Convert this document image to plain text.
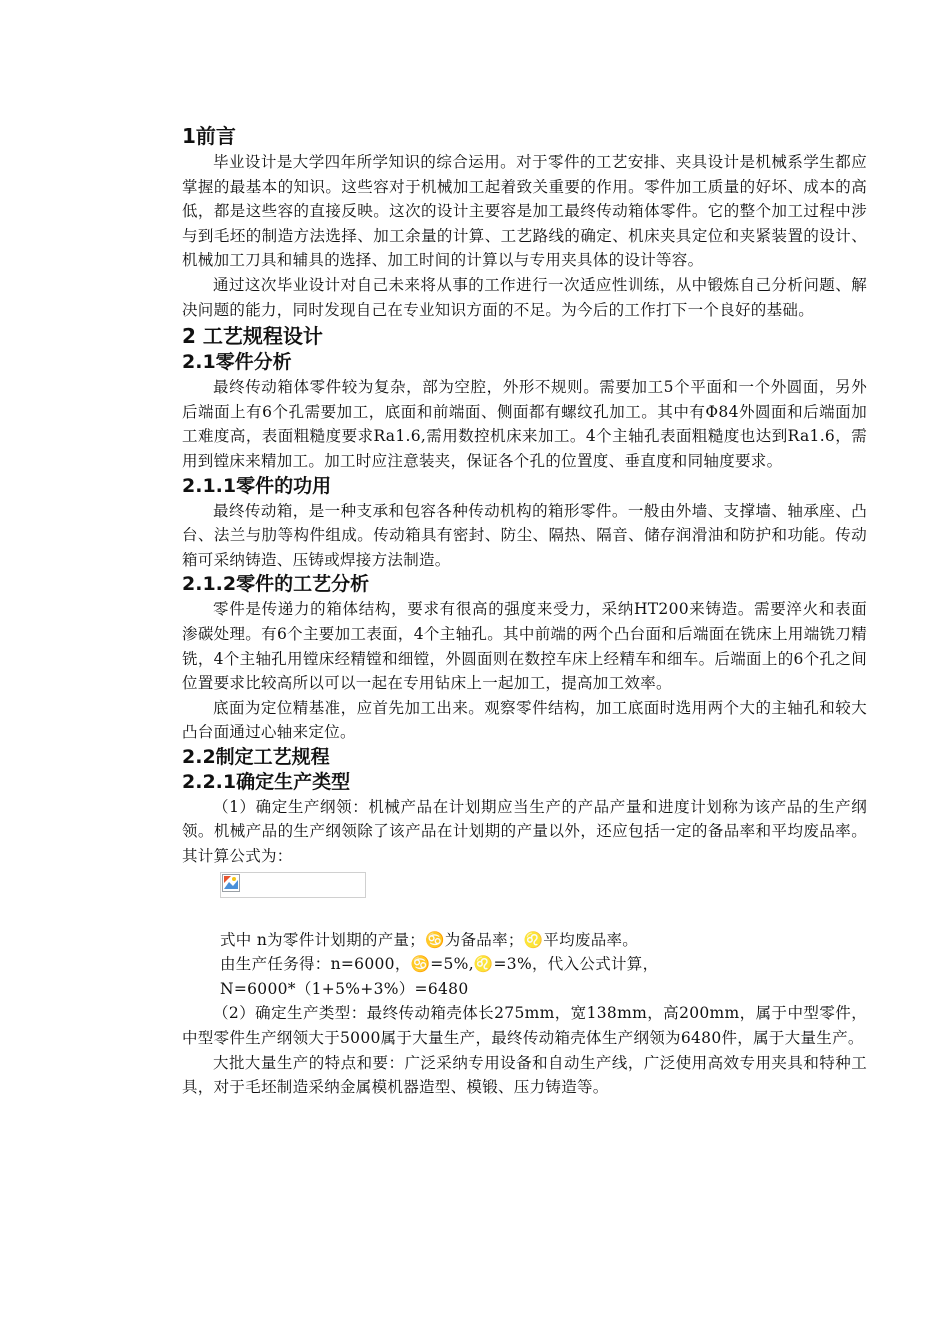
1前言

毕业设计是大学四年所学知识的综合运用。对于零件的工艺安排、夹具设计是机械系学生都应掌握的最基本的知识。这些容对于机械加工起着致关重要的作用。零件加工质量的好坏、成本的高低，都是这些容的直接反映。这次的设计主要容是加工最终传动箱体零件。它的整个加工过程中涉与到毛坯的制造方法选择、加工余量的计算、工艺路线的确定、机床夹具定位和夹紧装置的设计、机械加工刀具和辅具的选择、加工时间的计算以与专用夹具体的设计等容。

通过这次毕业设计对自己未来将从事的工作进行一次适应性训练，从中锻炼自己分析问题、解决问题的能力，同时发现自己在专业知识方面的不足。为今后的工作打下一个良好的基础。

2 工艺规程设计
2.1零件分析

最终传动箱体零件较为复杂，部为空腔，外形不规则。需要加工5个平面和一个外圆面，另外后端面上有6个孔需要加工，底面和前端面、侧面都有螺纹孔加工。其中有Φ84外圆面和后端面加工难度高，表面粗糙度要求Ra1.6,需用数控机床来加工。4个主轴孔表面粗糙度也达到Ra1.6，需用到镗床来精加工。加工时应注意装夹，保证各个孔的位置度、垂直度和同轴度要求。

2.1.1零件的功用

最终传动箱，是一种支承和包容各种传动机构的箱形零件。一般由外墙、支撑墙、轴承座、凸台、法兰与肋等构件组成。传动箱具有密封、防尘、隔热、隔音、储存润滑油和防护和功能。传动箱可采纳铸造、压铸或焊接方法制造。

2.1.2零件的工艺分析

零件是传递力的箱体结构，要求有很高的强度来受力，采纳HT200来铸造。需要淬火和表面渗碳处理。有6个主要加工表面，4个主轴孔。其中前端的两个凸台面和后端面在铣床上用端铣刀精铣，4个主轴孔用镗床经精镗和细镗，外圆面则在数控车床上经精车和细车。后端面上的6个孔之间位置要求比较高所以可以一起在专用钻床上一起加工，提高加工效率。

底面为定位精基准，应首先加工出来。观察零件结构，加工底面时选用两个大的主轴孔和较大凸台面通过心轴来定位。

2.2制定工艺规程
2.2.1确定生产类型

（1）确定生产纲领：机械产品在计划期应当生产的产品产量和进度计划称为该产品的生产纲领。机械产品的生产纲领除了该产品在计划期的产量以外，还应包括一定的备品率和平均废品率。其计算公式为：

式中 n为零件计划期的产量；♋为备品率；♌平均废品率。
由生产任务得：n=6000，♋=5%,♌=3%，代入公式计算，
N=6000*（1+5%+3%）=6480

（2）确定生产类型：最终传动箱壳体长275mm，宽138mm，高200mm，属于中型零件，中型零件生产纲领大于5000属于大量生产，最终传动箱壳体生产纲领为6480件，属于大量生产。

大批大量生产的特点和要：广泛采纳专用设备和自动生产线，广泛使用高效专用夹具和特种工具，对于毛坯制造采纳金属模机器造型、模锻、压力铸造等。
